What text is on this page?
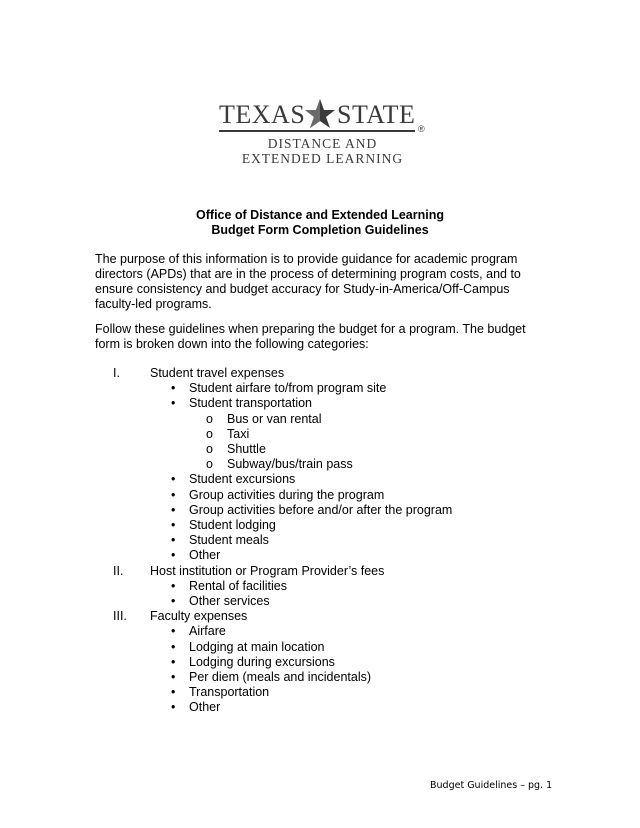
TEXAS STATE ®
DISTANCE AND
EXTENDED LEARNING
Office of Distance and Extended Learning
Budget Form Completion Guidelines
The purpose of this information is to provide guidance for academic program directors (APDs) that are in the process of determining program costs, and to ensure consistency and budget accuracy for Study-in-America/Off-Campus faculty-led programs.
Follow these guidelines when preparing the budget for a program. The budget form is broken down into the following categories:
I. Student travel expenses
• Student airfare to/from program site
• Student transportation
o Bus or van rental
o Taxi
o Shuttle
o Subway/bus/train pass
• Student excursions
• Group activities during the program
• Group activities before and/or after the program
• Student lodging
• Student meals
• Other
II. Host institution or Program Provider’s fees
• Rental of facilities
• Other services
III. Faculty expenses
• Airfare
• Lodging at main location
• Lodging during excursions
• Per diem (meals and incidentals)
• Transportation
• Other
Budget Guidelines – pg. 1
